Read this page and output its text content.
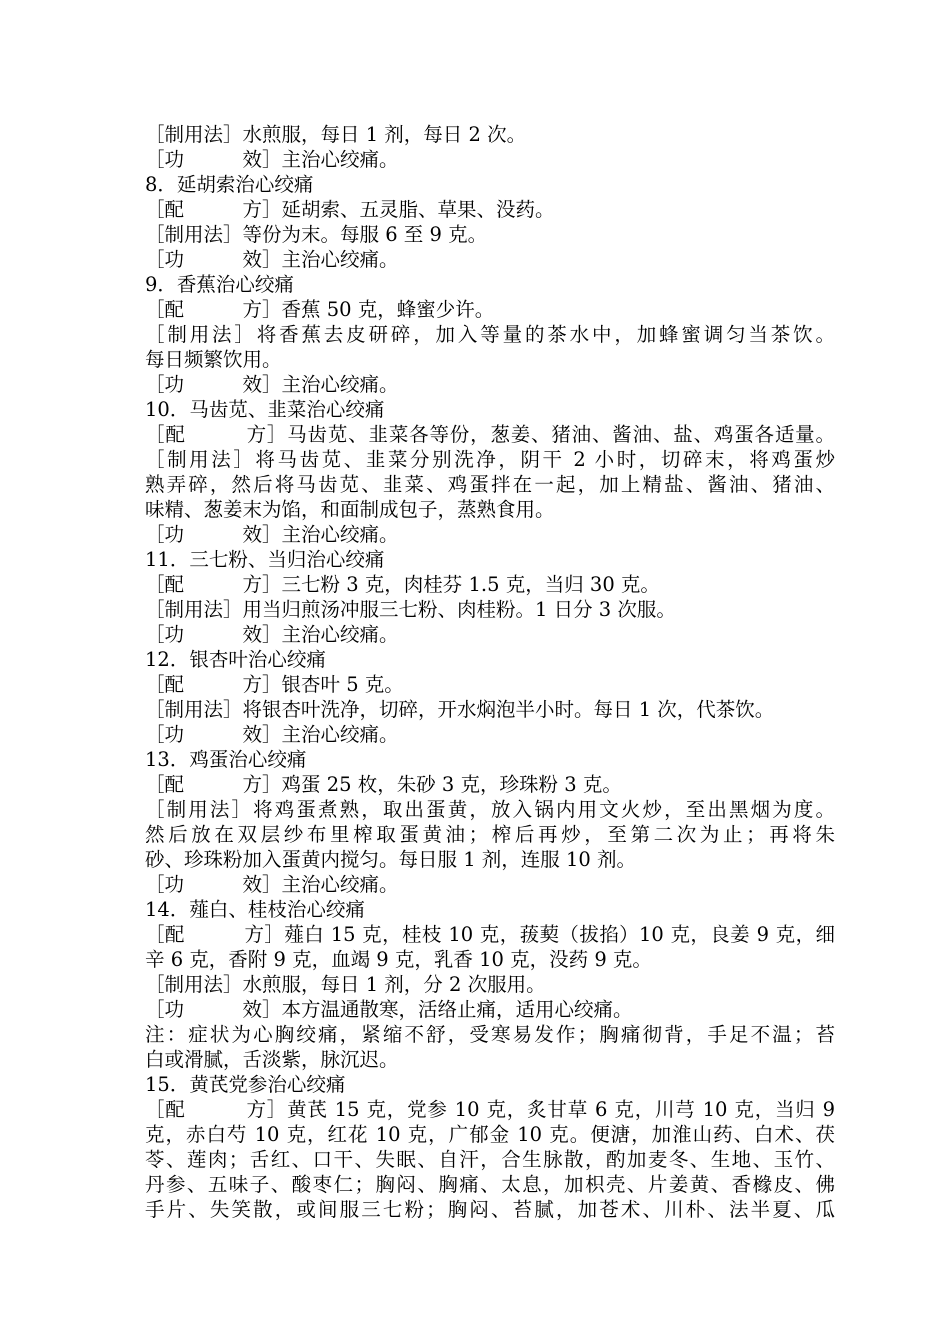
［制用法］水煎服，每日 1 剂，每日 2 次。
［功　　　效］主治心绞痛。
8．延胡索治心绞痛
［配　　　方］延胡索、五灵脂、草果、没药。
［制用法］等份为末。每服 6 至 9 克。
［功　　　效］主治心绞痛。
9．香蕉治心绞痛
［配　　　方］香蕉 50 克，蜂蜜少许。
［制用法］将香蕉去皮研碎，加入等量的茶水中，加蜂蜜调匀当茶饮。
每日频繁饮用。
［功　　　效］主治心绞痛。
10．马齿苋、韭菜治心绞痛
［配　　　方］马齿苋、韭菜各等份，葱姜、猪油、酱油、盐、鸡蛋各适量。
［制用法］将马齿苋、韭菜分别洗净，阴干 2 小时，切碎末，将鸡蛋炒
熟弄碎，然后将马齿苋、韭菜、鸡蛋拌在一起，加上精盐、酱油、猪油、
味精、葱姜末为馅，和面制成包子，蒸熟食用。
［功　　　效］主治心绞痛。
11．三七粉、当归治心绞痛
［配　　　方］三七粉 3 克，肉桂芬 1.5 克，当归 30 克。
［制用法］用当归煎汤冲服三七粉、肉桂粉。1 日分 3 次服。
［功　　　效］主治心绞痛。
12．银杏叶治心绞痛
［配　　　方］银杏叶 5 克。
［制用法］将银杏叶洗净，切碎，开水焖泡半小时。每日 1 次，代茶饮。
［功　　　效］主治心绞痛。
13．鸡蛋治心绞痛
［配　　　方］鸡蛋 25 枚，朱砂 3 克，珍珠粉 3 克。
［制用法］将鸡蛋煮熟，取出蛋黄，放入锅内用文火炒，至出黑烟为度。
然后放在双层纱布里榨取蛋黄油；榨后再炒，至第二次为止；再将朱
砂、珍珠粉加入蛋黄内搅匀。每日服 1 剂，连服 10 剂。
［功　　　效］主治心绞痛。
14．薤白、桂枝治心绞痛
［配　　　方］薤白 15 克，桂枝 10 克，菝葜（拔掐）10 克，良姜 9 克，细
辛 6 克，香附 9 克，血竭 9 克，乳香 10 克，没药 9 克。
［制用法］水煎服，每日 1 剂，分 2 次服用。
［功　　　效］本方温通散寒，活络止痛，适用心绞痛。
注：症状为心胸绞痛，紧缩不舒，受寒易发作；胸痛彻背，手足不温；苔
白或滑腻，舌淡紫，脉沉迟。
15．黄芪党参治心绞痛
［配　　　方］黄芪 15 克，党参 10 克，炙甘草 6 克，川芎 10 克，当归 9
克，赤白芍 10 克，红花 10 克，广郁金 10 克。便溏，加淮山药、白术、茯
苓、莲肉；舌红、口干、失眠、自汗，合生脉散，酌加麦冬、生地、玉竹、
丹参、五味子、酸枣仁；胸闷、胸痛、太息，加枳壳、片姜黄、香橼皮、佛
手片、失笑散，或间服三七粉；胸闷、苔腻，加苍术、川朴、法半夏、瓜
